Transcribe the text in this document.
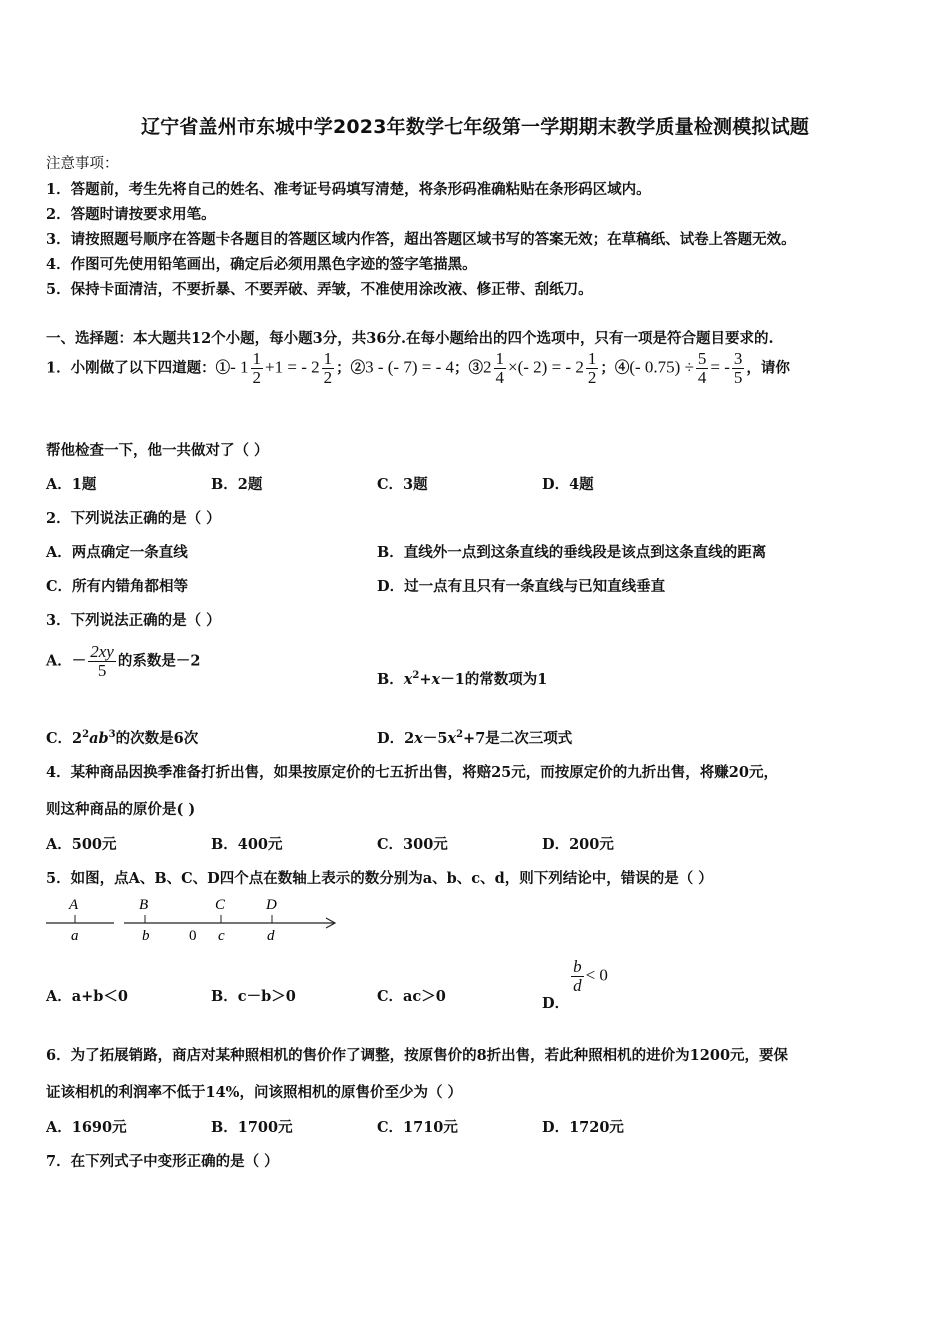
辽宁省盖州市东城中学2023年数学七年级第一学期期末教学质量检测模拟试题
注意事项：
1．答题前，考生先将自己的姓名、准考证号码填写清楚，将条形码准确粘贴在条形码区域内。
2．答题时请按要求用笔。
3．请按照题号顺序在答题卡各题目的答题区域内作答，超出答题区域书写的答案无效；在草稿纸、试卷上答题无效。
4．作图可先使用铅笔画出，确定后必须用黑色字迹的签字笔描黑。
5．保持卡面清洁，不要折暴、不要弄破、弄皱，不准使用涂改液、修正带、刮纸刀。
一、选择题：本大题共12个小题，每小题3分，共36分.在每小题给出的四个选项中，只有一项是符合题目要求的.
1．小刚做了以下四道题：①- $1 \frac{1}{2} +1$ = - $2 \frac{1}{2}$ ；②3 - (- 7) = - 4；③2 $\frac{1}{4}$ ×(- 2) = - $2 \frac{1}{2}$ ；④(- $0.75) \div \frac{5}{4}$ = - $\frac{3}{5}$ ，请你
帮他检查一下，他一共做对了（ ）
A．1题	B．2题	C．3题	D．4题
2．下列说法正确的是（ ）
A．两点确定一条直线	B．直线外一点到这条直线的垂线段是该点到这条直线的距离
C．所有内错角都相等	D．过一点有且只有一条直线与已知直线垂直
3．下列说法正确的是（ ）
A．－ $\frac{2xy}{5}$ 的系数是－2
B．$x^2+x-1$的常数项为1
C．$2^2ab^3$的次数是6次	D．$2x-5x^2+7$是二次三项式
4．某种商品因换季准备打折出售，如果按原定价的七五折出售，将赔25元，而按原定价的九折出售，将赚20元，
则这种商品的原价是( )
A．500元	B．400元	C．300元	D．200元
5．如图，点A、B、C、D四个点在数轴上表示的数分别为a、b、c、d，则下列结论中，错误的是（ ）
A	B	C	D
a	b	0 c	d
A．a+b＜0	B．c－b＞0	C．ac＞0	D．
$\frac{b}{d} < 0$
6．为了拓展销路，商店对某种照相机的售价作了调整，按原售价的8折出售，若此种照相机的进价为1200元，要保
证该相机的利润率不低于14%，问该照相机的原售价至少为（ ）
A．1690元	B．1700元	C．1710元	D．1720元
7．在下列式子中变形正确的是（ ）
